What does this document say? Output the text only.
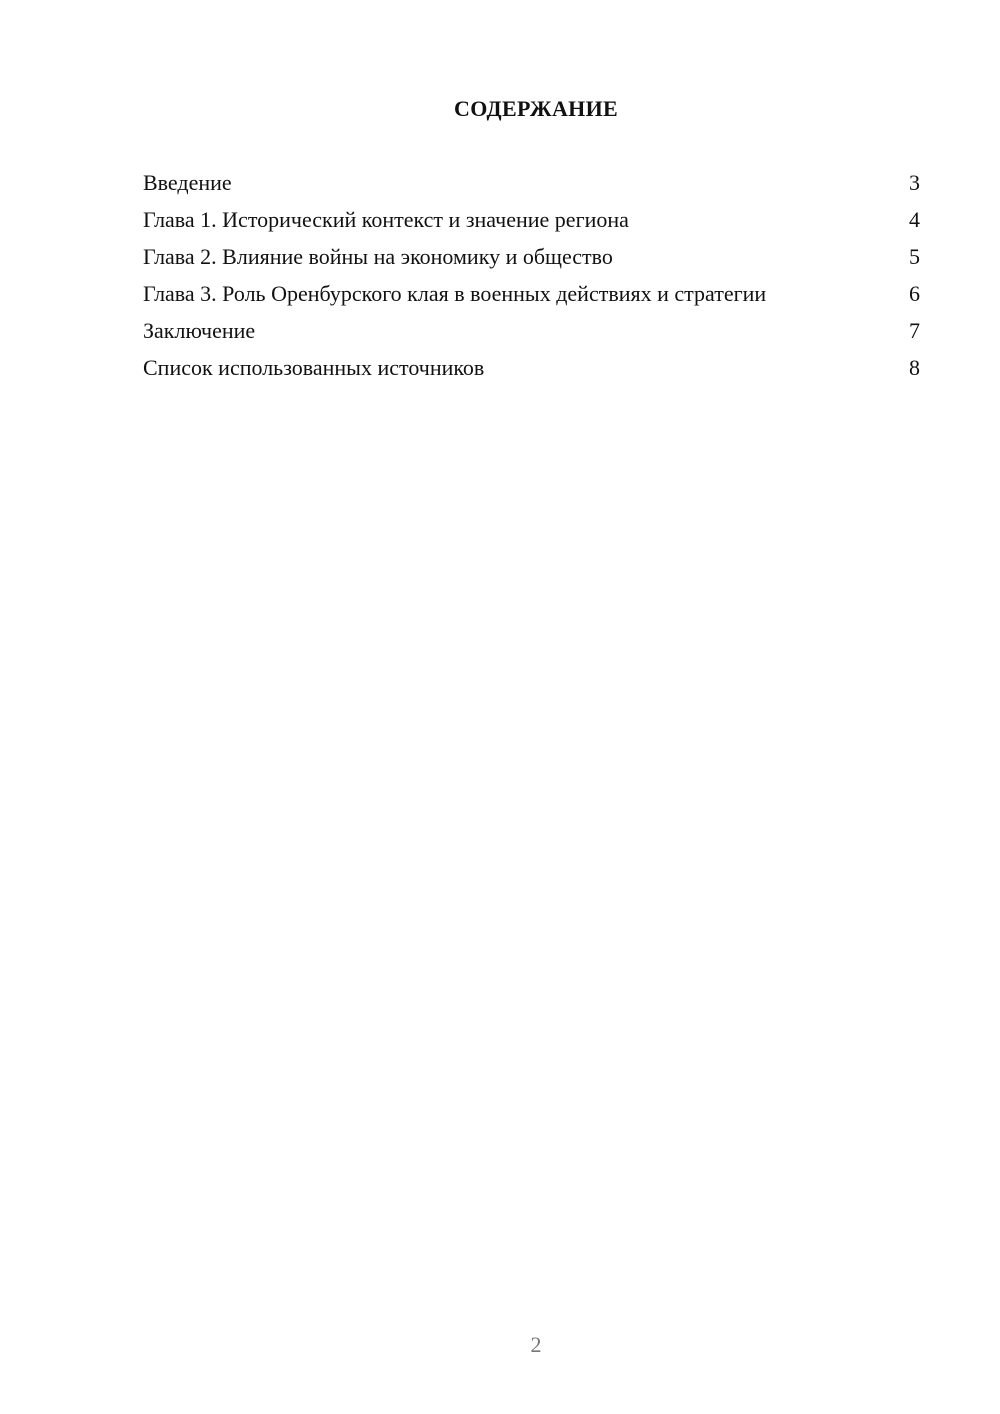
СОДЕРЖАНИЕ
Введение	3
Глава 1. Исторический контекст и значение региона	4
Глава 2. Влияние войны на экономику и общество	5
Глава 3. Роль Оренбурского клая в военных действиях и стратегии	6
Заключение	7
Список использованных источников	8
2
